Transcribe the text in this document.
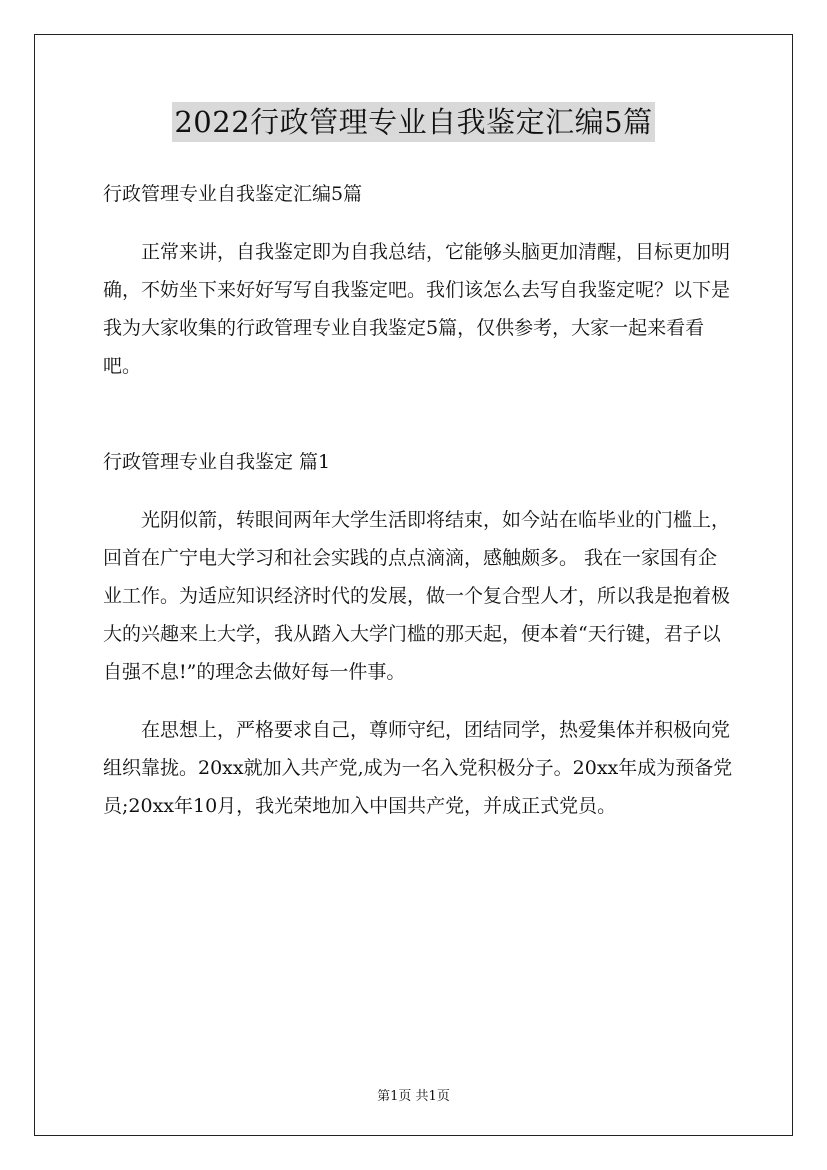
2022行政管理专业自我鉴定汇编5篇

行政管理专业自我鉴定汇编5篇

正常来讲，自我鉴定即为自我总结，它能够头脑更加清醒，目标更加明确，不妨坐下来好好写写自我鉴定吧。我们该怎么去写自我鉴定呢？以下是我为大家收集的行政管理专业自我鉴定5篇，仅供参考，大家一起来看看吧。

行政管理专业自我鉴定 篇1

光阴似箭，转眼间两年大学生活即将结束，如今站在临毕业的门槛上，回首在广宁电大学习和社会实践的点点滴滴，感触颇多。 我在一家国有企业工作。为适应知识经济时代的发展，做一个复合型人才，所以我是抱着极大的兴趣来上大学，我从踏入大学门槛的那天起，便本着“天行键，君子以自强不息!”的理念去做好每一件事。

在思想上，严格要求自己，尊师守纪，团结同学，热爱集体并积极向党组织靠拢。20xx就加入共产党,成为一名入党积极分子。20xx年成为预备党员;20xx年10月，我光荣地加入中国共产党，并成正式党员。

第1页 共1页
